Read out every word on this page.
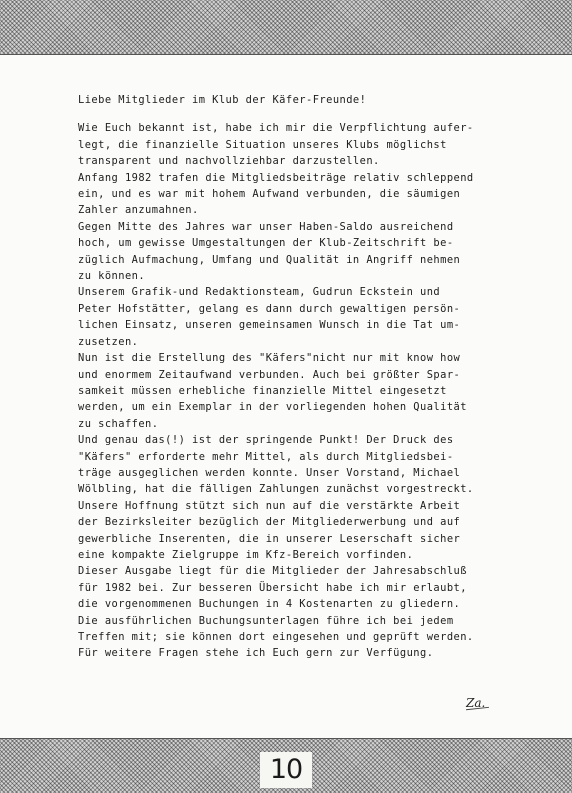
Liebe Mitglieder im Klub der Käfer-Freunde!
Wie Euch bekannt ist, habe ich mir die Verpflichtung aufer-
legt, die finanzielle Situation unseres Klubs möglichst
transparent und nachvollziehbar darzustellen.
Anfang 1982 trafen die Mitgliedsbeiträge relativ schleppend
ein, und es war mit hohem Aufwand verbunden, die säumigen
Zahler anzumahnen.
Gegen Mitte des Jahres war unser Haben-Saldo ausreichend
hoch, um gewisse Umgestaltungen der Klub-Zeitschrift be-
züglich Aufmachung, Umfang und Qualität in Angriff nehmen
zu können.
Unserem Grafik-und Redaktionsteam, Gudrun Eckstein und
Peter Hofstätter, gelang es dann durch gewaltigen persön-
lichen Einsatz, unseren gemeinsamen Wunsch in die Tat um-
zusetzen.
Nun ist die Erstellung des "Käfers"nicht nur mit know how
und enormem Zeitaufwand verbunden. Auch bei größter Spar-
samkeit müssen erhebliche finanzielle Mittel eingesetzt
werden, um ein Exemplar in der vorliegenden hohen Qualität
zu schaffen.
Und genau das(!) ist der springende Punkt! Der Druck des
"Käfers" erforderte mehr Mittel, als durch Mitgliedsbei-
träge ausgeglichen werden konnte. Unser Vorstand, Michael
Wölbling, hat die fälligen Zahlungen zunächst vorgestreckt.
Unsere Hoffnung stützt sich nun auf die verstärkte Arbeit
der Bezirksleiter bezüglich der Mitgliederwerbung und auf
gewerbliche Inserenten, die in unserer Leserschaft sicher
eine kompakte Zielgruppe im Kfz-Bereich vorfinden.
Dieser Ausgabe liegt für die Mitglieder der Jahresabschluß
für 1982 bei. Zur besseren Übersicht habe ich mir erlaubt,
die vorgenommenen Buchungen in 4 Kostenarten zu gliedern.
Die ausführlichen Buchungsunterlagen führe ich bei jedem
Treffen mit; sie können dort eingesehen und geprüft werden.
Für weitere Fragen stehe ich Euch gern zur Verfügung.
Za.
10
